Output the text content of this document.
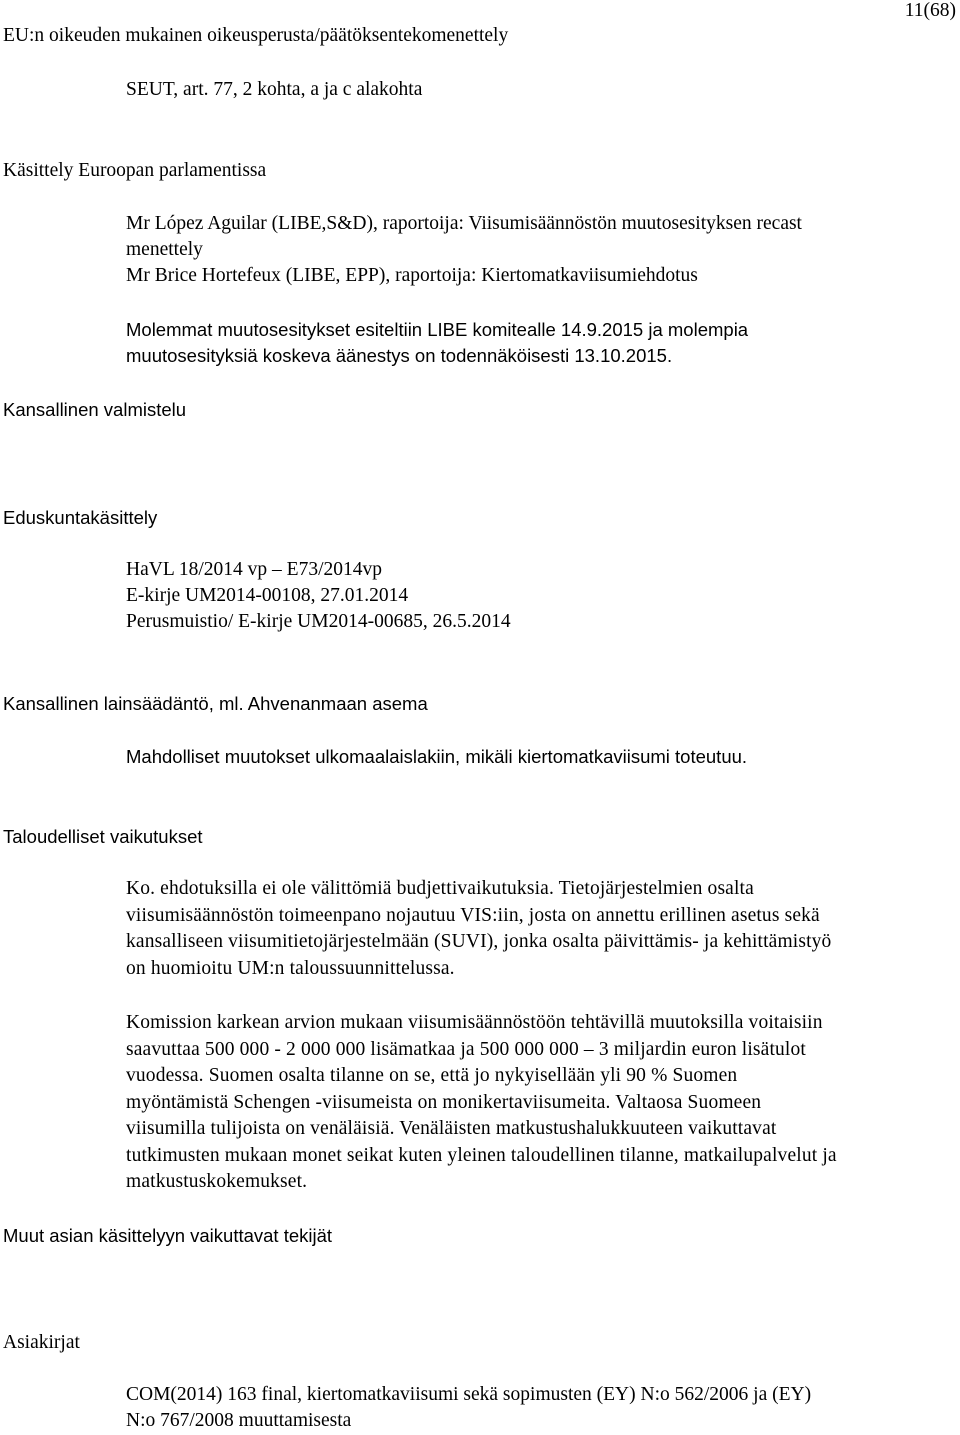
EU:n oikeuden mukainen oikeusperusta/päätöksentekomenettely
11(68)
SEUT, art. 77, 2 kohta, a ja c alakohta
Käsittely Euroopan parlamentissa
Mr López Aguilar (LIBE,S&D), raportoija: Viisumisäännöstön muutosesityksen recast
menettely
Mr Brice Hortefeux (LIBE, EPP), raportoija: Kiertomatkaviisumiehdotus
Molemmat muutosesitykset esiteltiin LIBE komitealle 14.9.2015 ja molempia
muutosesityksiä koskeva äänestys on todennäköisesti 13.10.2015.
Kansallinen valmistelu
Eduskuntakäsittely
HaVL 18/2014 vp – E73/2014vp
E-kirje UM2014-00108, 27.01.2014
Perusmuistio/ E-kirje UM2014-00685, 26.5.2014
Kansallinen lainsäädäntö, ml. Ahvenanmaan asema
Mahdolliset muutokset ulkomaalaislakiin, mikäli kiertomatkaviisumi toteutuu.
Taloudelliset vaikutukset
Ko. ehdotuksilla ei ole välittömiä budjettivaikutuksia. Tietojärjestelmien osalta
viisumisäännöstön toimeenpano nojautuu VIS:iin, josta on annettu erillinen asetus sekä
kansalliseen viisumitietojärjestelmään (SUVI), jonka osalta päivittämis- ja kehittämistyö
on huomioitu UM:n taloussuunnittelussa.
Komission karkean arvion mukaan viisumisäännöstöön tehtävillä muutoksilla voitaisiin
saavuttaa 500 000 - 2 000 000 lisämatkaa ja 500 000 000 – 3 miljardin euron lisätulot
vuodessa. Suomen osalta tilanne on se, että jo nykyisellään yli 90 % Suomen
myöntämistä Schengen -viisumeista on monikertaviisumeita. Valtaosa Suomeen
viisumilla tulijoista on venäläisiä. Venäläisten matkustushalukkuuteen vaikuttavat
tutkimusten mukaan monet seikat kuten yleinen taloudellinen tilanne, matkailupalvelut ja
matkustuskokemukset.
Muut asian käsittelyyn vaikuttavat tekijät
Asiakirjat
COM(2014) 163 final, kiertomatkaviisumi sekä sopimusten (EY) N:o 562/2006 ja (EY)
N:o 767/2008 muuttamisesta
